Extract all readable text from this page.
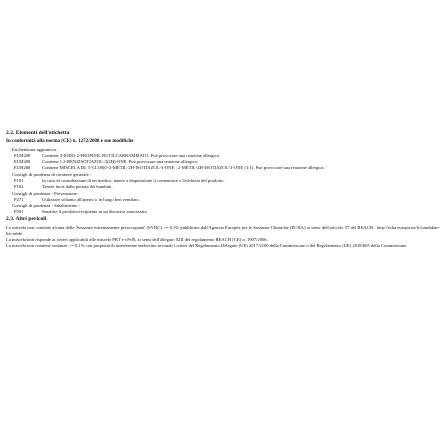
2.2. Elementi dell'etichetta
In conformità alla norma (CE) n. 1272/2008 e sue modifiche
Etichettatura aggiuntiva :
EUH208	Contiene 3-IODO-2-PROPINIL BUTILCARBAMMATO. Può provocare una reazione allergica.
EUH208	Contiene 1,2-BENZISOTIAZOL-3(2H)-ONE. Può provocare una reazione allergica.
EUH208	Contiene MISCELA DI: 5-CLORO-2-METIL-2H-ISOTIAZOL-3-ONE ; 2-METIL-2H-ISOTIAZOL-3-ONE (3:1). Può provocare una reazione allergica.
Consigli di prudenza di carattere generale :
P101	In caso di consultazione di un medico, tenere a disposizione il contenitore o l'etichetta del prodotto.
P102	Tenere fuori dalla portata dei bambini.
Consigli di prudenza - Prevenzione :
P271	Utilizzare soltanto all'aperto o in luogo ben ventilato.
Consigli di prudenza - Smaltimento :
P501	Smaltire il prodotto/recipiente in un discarica autorizzata.
2.3. Altri pericoli
La miscela non contiene alcuna delle 'Sostanze estremamente preoccupanti' (SVHC) >= 0,1% pubblicate dall'Agenzia Europea per le Sostanze Chimiche (ECHA) ai sensi dell'articolo 57 del REACH : http://echa.europa.eu/fr/candidate-list-table
La miscela non risponde ai criteri applicabili alle miscele PBT e vPvB, ai sensi dell'allegato XIII del regolamento REACH (CE) n. 1907/2006.
La miscela non contiene sostanze >= 0,1% con proprietà di interferente endocrino secondo i criteri del Regolamento Delegato (UE) 2017/2100 della Commissione o del Regolamento (UE) 2018/605 della Commissione.
